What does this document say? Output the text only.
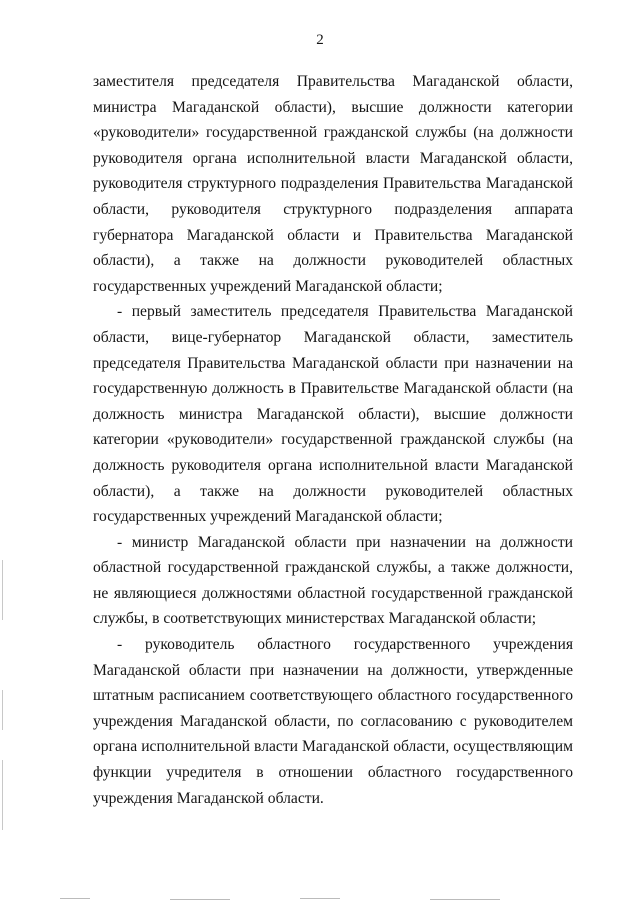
2

заместителя председателя Правительства Магаданской области, министра Магаданской области), высшие должности категории «руководители» государственной гражданской службы (на должности руководителя органа исполнительной власти Магаданской области, руководителя структурного подразделения Правительства Магаданской области, руководителя структурного подразделения аппарата губернатора Магаданской области и Правительства Магаданской области), а также на должности руководителей областных государственных учреждений Магаданской области;

- первый заместитель председателя Правительства Магаданской области, вице-губернатор Магаданской области, заместитель председателя Правительства Магаданской области при назначении на государственную должность в Правительстве Магаданской области (на должность министра Магаданской области), высшие должности категории «руководители» государственной гражданской службы (на должность руководителя органа исполнительной власти Магаданской области), а также на должности руководителей областных государственных учреждений Магаданской области;

- министр Магаданской области при назначении на должности областной государственной гражданской службы, а также должности, не являющиеся должностями областной государственной гражданской службы, в соответствующих министерствах Магаданской области;

- руководитель областного государственного учреждения Магаданской области при назначении на должности, утвержденные штатным расписанием соответствующего областного государственного учреждения Магаданской области, по согласованию с руководителем органа исполнительной власти Магаданской области, осуществляющим функции учредителя в отношении областного государственного учреждения Магаданской области.
